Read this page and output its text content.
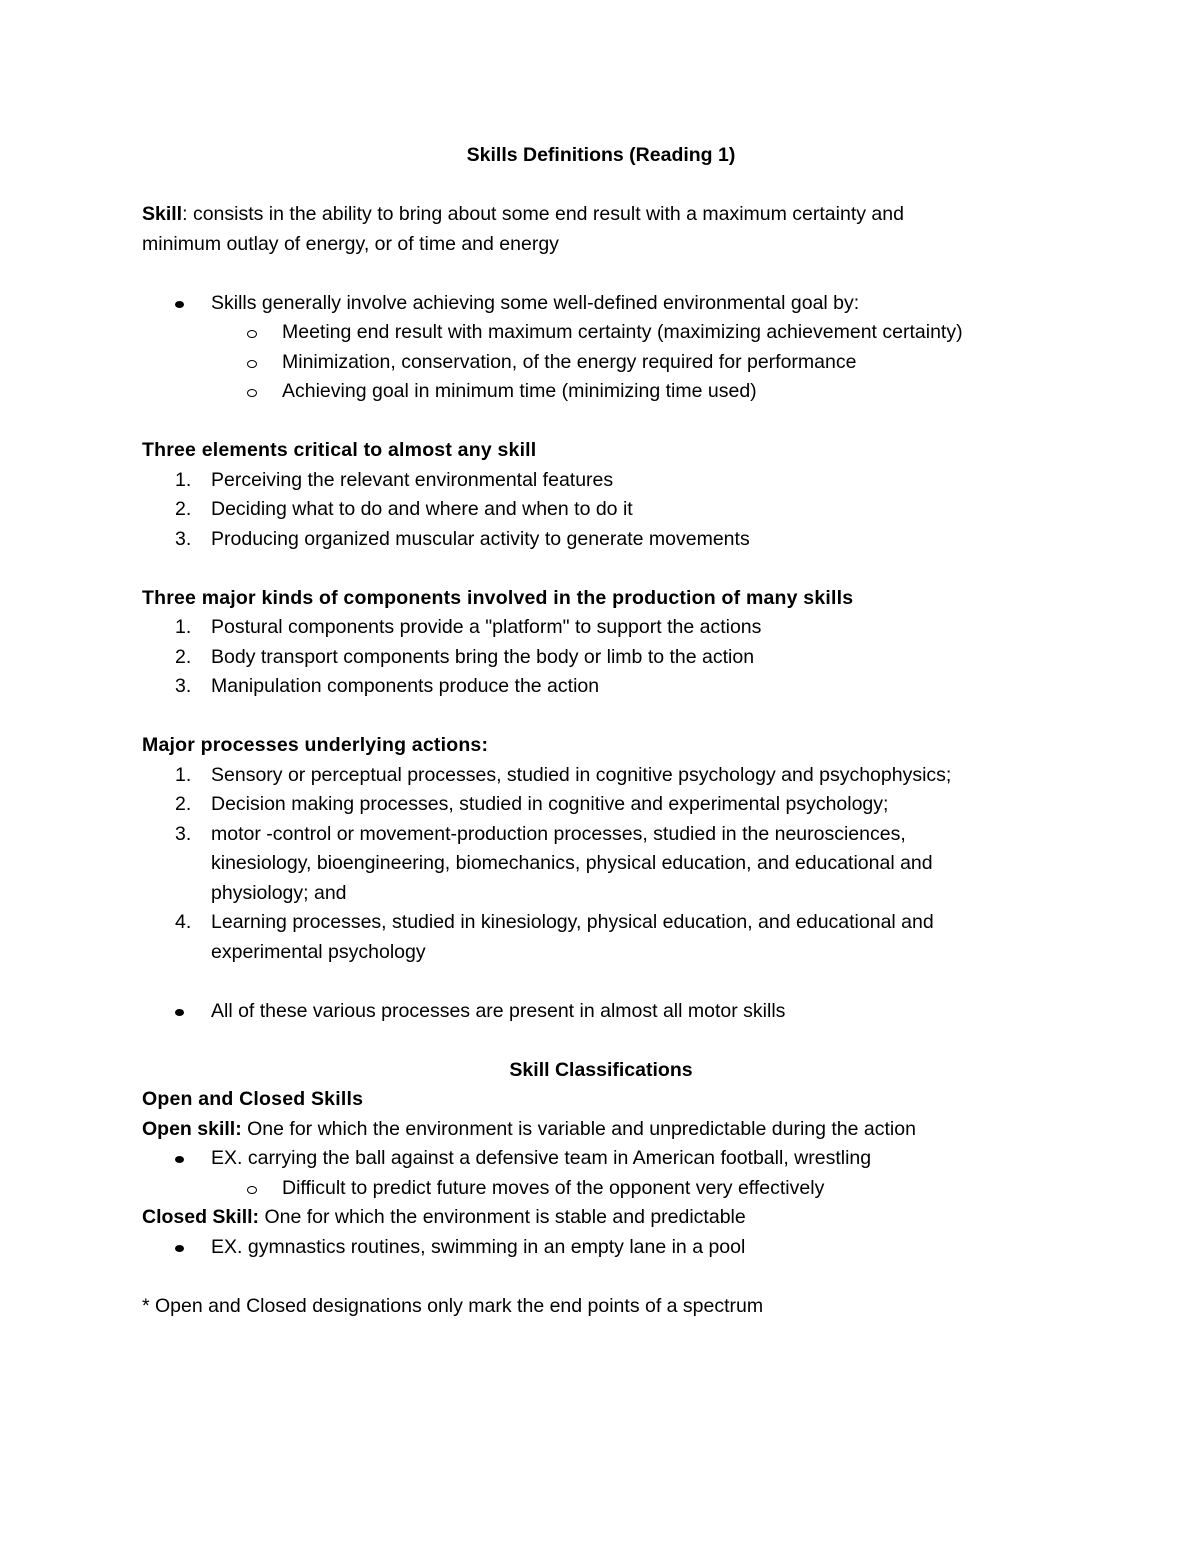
Skills Definitions (Reading 1)
Skill: consists in the ability to bring about some end result with a maximum certainty and
minimum outlay of energy, or of time and energy
Skills generally involve achieving some well-defined environmental goal by:
Meeting end result with maximum certainty (maximizing achievement certainty)
Minimization, conservation, of the energy required for performance
Achieving goal in minimum time (minimizing time used)
Three elements critical to almost any skill
1. Perceiving the relevant environmental features
2. Deciding what to do and where and when to do it
3. Producing organized muscular activity to generate movements
Three major kinds of components involved in the production of many skills
1. Postural components provide a "platform" to support the actions
2. Body transport components bring the body or limb to the action
3. Manipulation components produce the action
Major processes underlying actions:
1. Sensory or perceptual processes, studied in cognitive psychology and psychophysics;
2. Decision making processes, studied in cognitive and experimental psychology;
3. motor -control or movement-production processes, studied in the neurosciences,
kinesiology, bioengineering, biomechanics, physical education, and educational and
physiology; and
4. Learning processes, studied in kinesiology, physical education, and educational and
experimental psychology
All of these various processes are present in almost all motor skills
Skill Classifications
Open and Closed Skills
Open skill: One for which the environment is variable and unpredictable during the action
EX. carrying the ball against a defensive team in American football, wrestling
Difficult to predict future moves of the opponent very effectively
Closed Skill: One for which the environment is stable and predictable
EX. gymnastics routines, swimming in an empty lane in a pool
* Open and Closed designations only mark the end points of a spectrum
